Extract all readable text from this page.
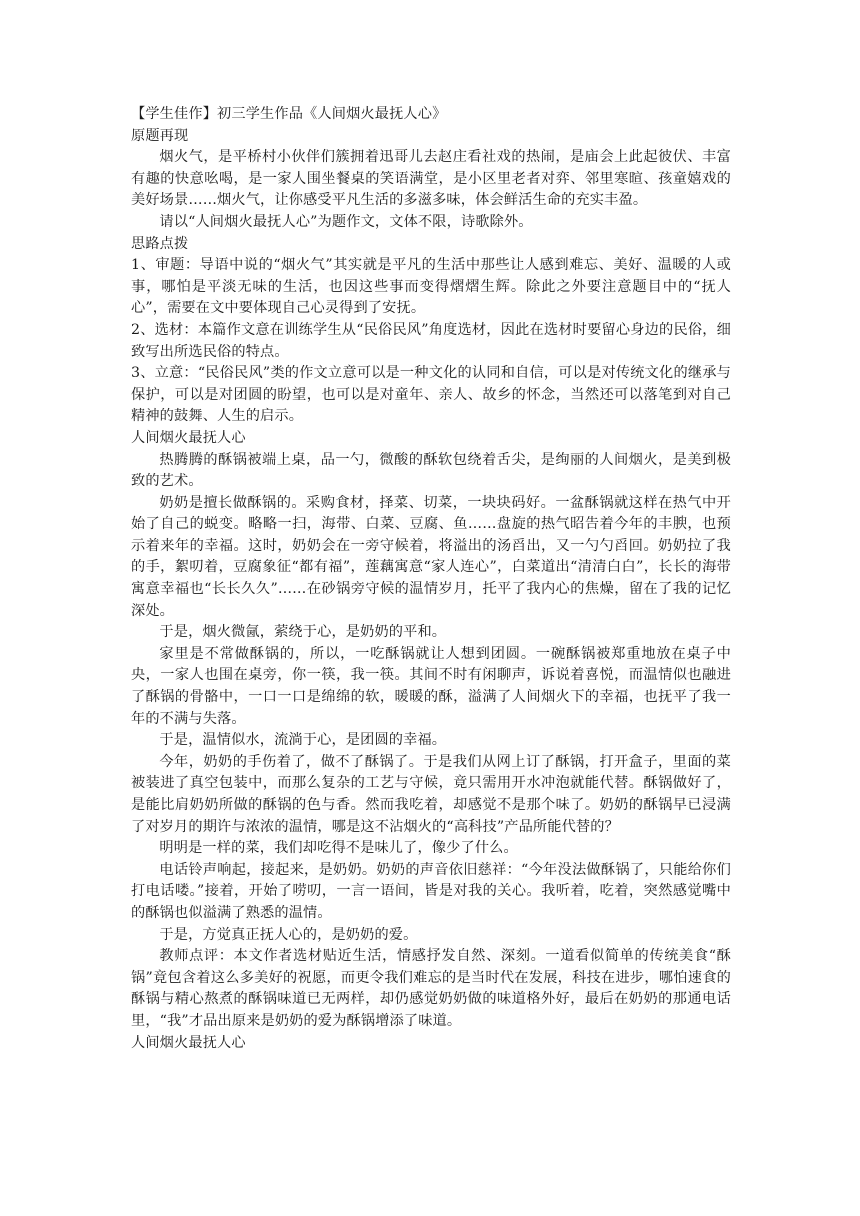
【学生佳作】初三学生作品《人间烟火最抚人心》

原题再现

烟火气，是平桥村小伙伴们簇拥着迅哥儿去赵庄看社戏的热闹，是庙会上此起彼伏、丰富有趣的快意吆喝，是一家人围坐餐桌的笑语满堂，是小区里老者对弈、邻里寒暄、孩童嬉戏的美好场景……烟火气，让你感受平凡生活的多滋多味，体会鲜活生命的充实丰盈。

请以“人间烟火最抚人心”为题作文，文体不限，诗歌除外。

思路点拨

1、审题：导语中说的“烟火气”其实就是平凡的生活中那些让人感到难忘、美好、温暖的人或事，哪怕是平淡无味的生活，也因这些事而变得熠熠生辉。除此之外要注意题目中的“抚人心”，需要在文中要体现自己心灵得到了安抚。

2、选材：本篇作文意在训练学生从“民俗民风”角度选材，因此在选材时要留心身边的民俗，细致写出所选民俗的特点。

3、立意：“民俗民风”类的作文立意可以是一种文化的认同和自信，可以是对传统文化的继承与保护，可以是对团圆的盼望，也可以是对童年、亲人、故乡的怀念，当然还可以落笔到对自己精神的鼓舞、人生的启示。

人间烟火最抚人心

热腾腾的酥锅被端上桌，品一勺，微酸的酥软包绕着舌尖，是绚丽的人间烟火，是美到极致的艺术。

奶奶是擅长做酥锅的。采购食材，择菜、切菜，一块块码好。一盆酥锅就这样在热气中开始了自己的蜕变。略略一扫，海带、白菜、豆腐、鱼……盘旋的热气昭告着今年的丰腴，也预示着来年的幸福。这时，奶奶会在一旁守候着，将溢出的汤舀出，又一勺勺舀回。奶奶拉了我的手，絮叨着，豆腐象征“都有福”，莲藕寓意“家人连心”，白菜道出“清清白白”，长长的海带寓意幸福也“长长久久”……在砂锅旁守候的温情岁月，托平了我内心的焦燥，留在了我的记忆深处。

于是，烟火微氤，萦绕于心，是奶奶的平和。

家里是不常做酥锅的，所以，一吃酥锅就让人想到团圆。一碗酥锅被郑重地放在桌子中央，一家人也围在桌旁，你一筷，我一筷。其间不时有闲聊声，诉说着喜悦，而温情似也融进了酥锅的骨骼中，一口一口是绵绵的软，暖暖的酥，溢满了人间烟火下的幸福，也抚平了我一年的不满与失落。

于是，温情似水，流淌于心，是团圆的幸福。

今年，奶奶的手伤着了，做不了酥锅了。于是我们从网上订了酥锅，打开盒子，里面的菜被装进了真空包装中，而那么复杂的工艺与守候，竟只需用开水冲泡就能代替。酥锅做好了，是能比肩奶奶所做的酥锅的色与香。然而我吃着，却感觉不是那个味了。奶奶的酥锅早已浸满了对岁月的期许与浓浓的温情，哪是这不沾烟火的“高科技”产品所能代替的？

明明是一样的菜，我们却吃得不是味儿了，像少了什么。

电话铃声响起，接起来，是奶奶。奶奶的声音依旧慈祥：“今年没法做酥锅了，只能给你们打电话喽。”接着，开始了唠叨，一言一语间，皆是对我的关心。我听着，吃着，突然感觉嘴中的酥锅也似溢满了熟悉的温情。

于是，方觉真正抚人心的，是奶奶的爱。

教师点评：本文作者选材贴近生活，情感抒发自然、深刻。一道看似简单的传统美食“酥锅”竟包含着这么多美好的祝愿，而更令我们难忘的是当时代在发展，科技在进步，哪怕速食的酥锅与精心熬煮的酥锅味道已无两样，却仍感觉奶奶做的味道格外好，最后在奶奶的那通电话里，“我”才品出原来是奶奶的爱为酥锅增添了味道。

人间烟火最抚人心
